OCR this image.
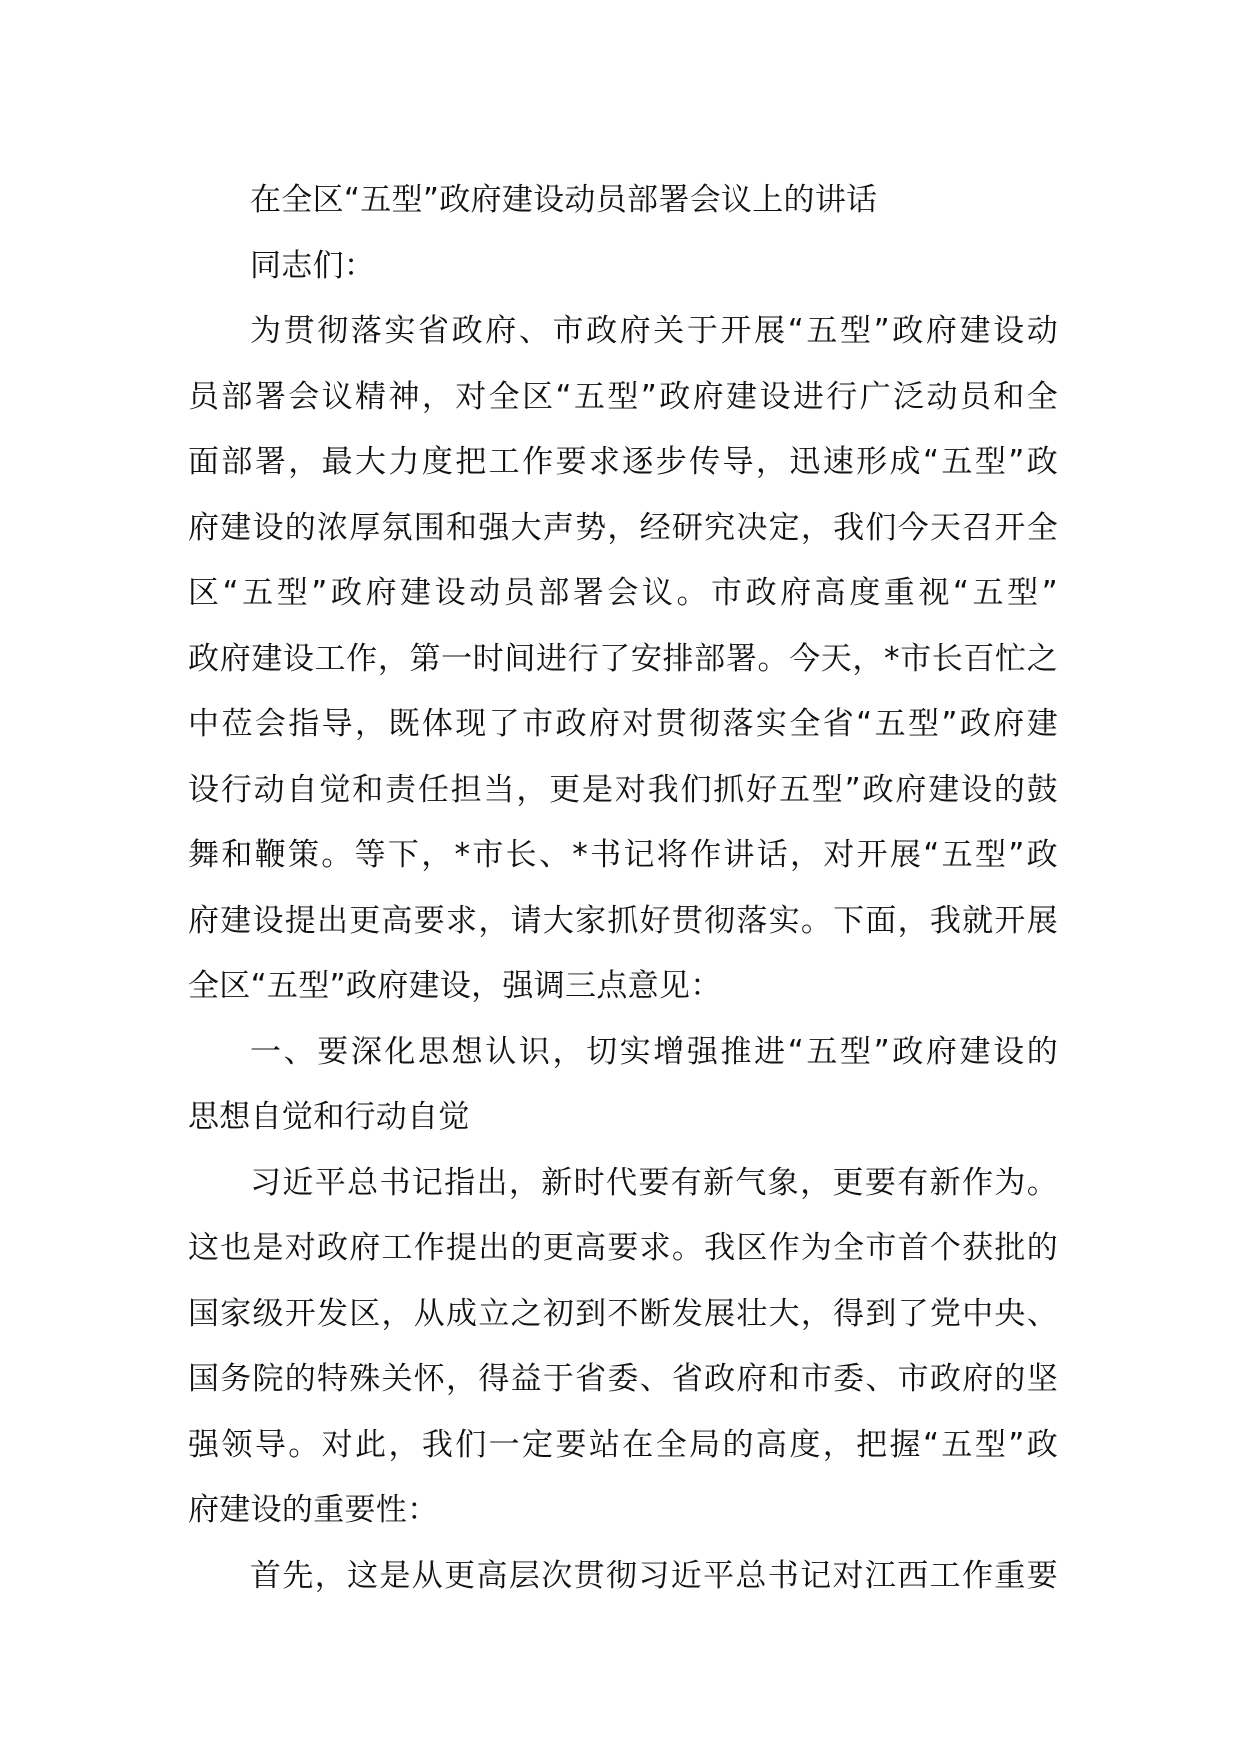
在全区“五型”政府建设动员部署会议上的讲话
同志们：
为贯彻落实省政府、市政府关于开展“五型”政府建设动
员部署会议精神，对全区“五型”政府建设进行广泛动员和全
面部署，最大力度把工作要求逐步传导，迅速形成“五型”政
府建设的浓厚氛围和强大声势，经研究决定，我们今天召开全
区“五型”政府建设动员部署会议。市政府高度重视“五型”
政府建设工作，第一时间进行了安排部署。今天，*市长百忙之
中莅会指导，既体现了市政府对贯彻落实全省“五型”政府建
设行动自觉和责任担当，更是对我们抓好五型”政府建设的鼓
舞和鞭策。等下，*市长、*书记将作讲话，对开展“五型”政
府建设提出更高要求，请大家抓好贯彻落实。下面，我就开展
全区“五型”政府建设，强调三点意见：
一、要深化思想认识，切实增强推进“五型”政府建设的
思想自觉和行动自觉
习近平总书记指出，新时代要有新气象，更要有新作为。
这也是对政府工作提出的更高要求。我区作为全市首个获批的
国家级开发区，从成立之初到不断发展壮大，得到了党中央、
国务院的特殊关怀，得益于省委、省政府和市委、市政府的坚
强领导。对此，我们一定要站在全局的高度，把握“五型”政
府建设的重要性：
首先，这是从更高层次贯彻习近平总书记对江西工作重要
